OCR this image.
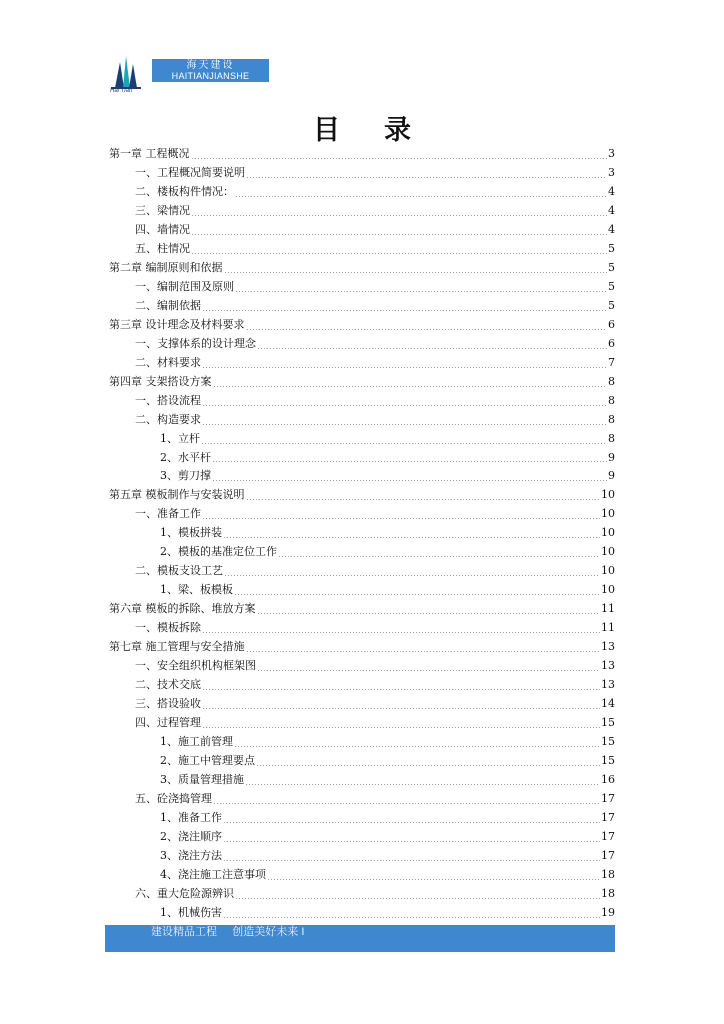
Hai Tian
海天建设
HAITIANJIANSHE
目录
第一章 工程概况	3
一、工程概况简要说明	3
二、楼板构件情况：	4
三、梁情况	4
四、墙情况	4
五、柱情况	5
第二章 编制原则和依据	5
一、编制范围及原则	5
二、编制依据	5
第三章 设计理念及材料要求	6
一、支撑体系的设计理念	6
二、材料要求	7
第四章 支架搭设方案	8
一、搭设流程	8
二、构造要求	8
1、立杆	8
2、水平杆	9
3、剪刀撑	9
第五章 模板制作与安装说明	10
一、准备工作	10
1、模板拼装	10
2、模板的基准定位工作	10
二、模板支设工艺	10
1、梁、板模板	10
第六章 模板的拆除、堆放方案	11
一、模板拆除	11
第七章 施工管理与安全措施	13
一、安全组织机构框架图	13
二、技术交底	13
三、搭设验收	14
四、过程管理	15
1、施工前管理	15
2、施工中管理要点	15
3、质量管理措施	16
五、砼浇捣管理	17
1、准备工作	17
2、浇注顺序	17
3、浇注方法	17
4、浇注施工注意事项	18
六、重大危险源辨识	18
1、机械伤害	19
建设精品工程     创造美好未来 I
